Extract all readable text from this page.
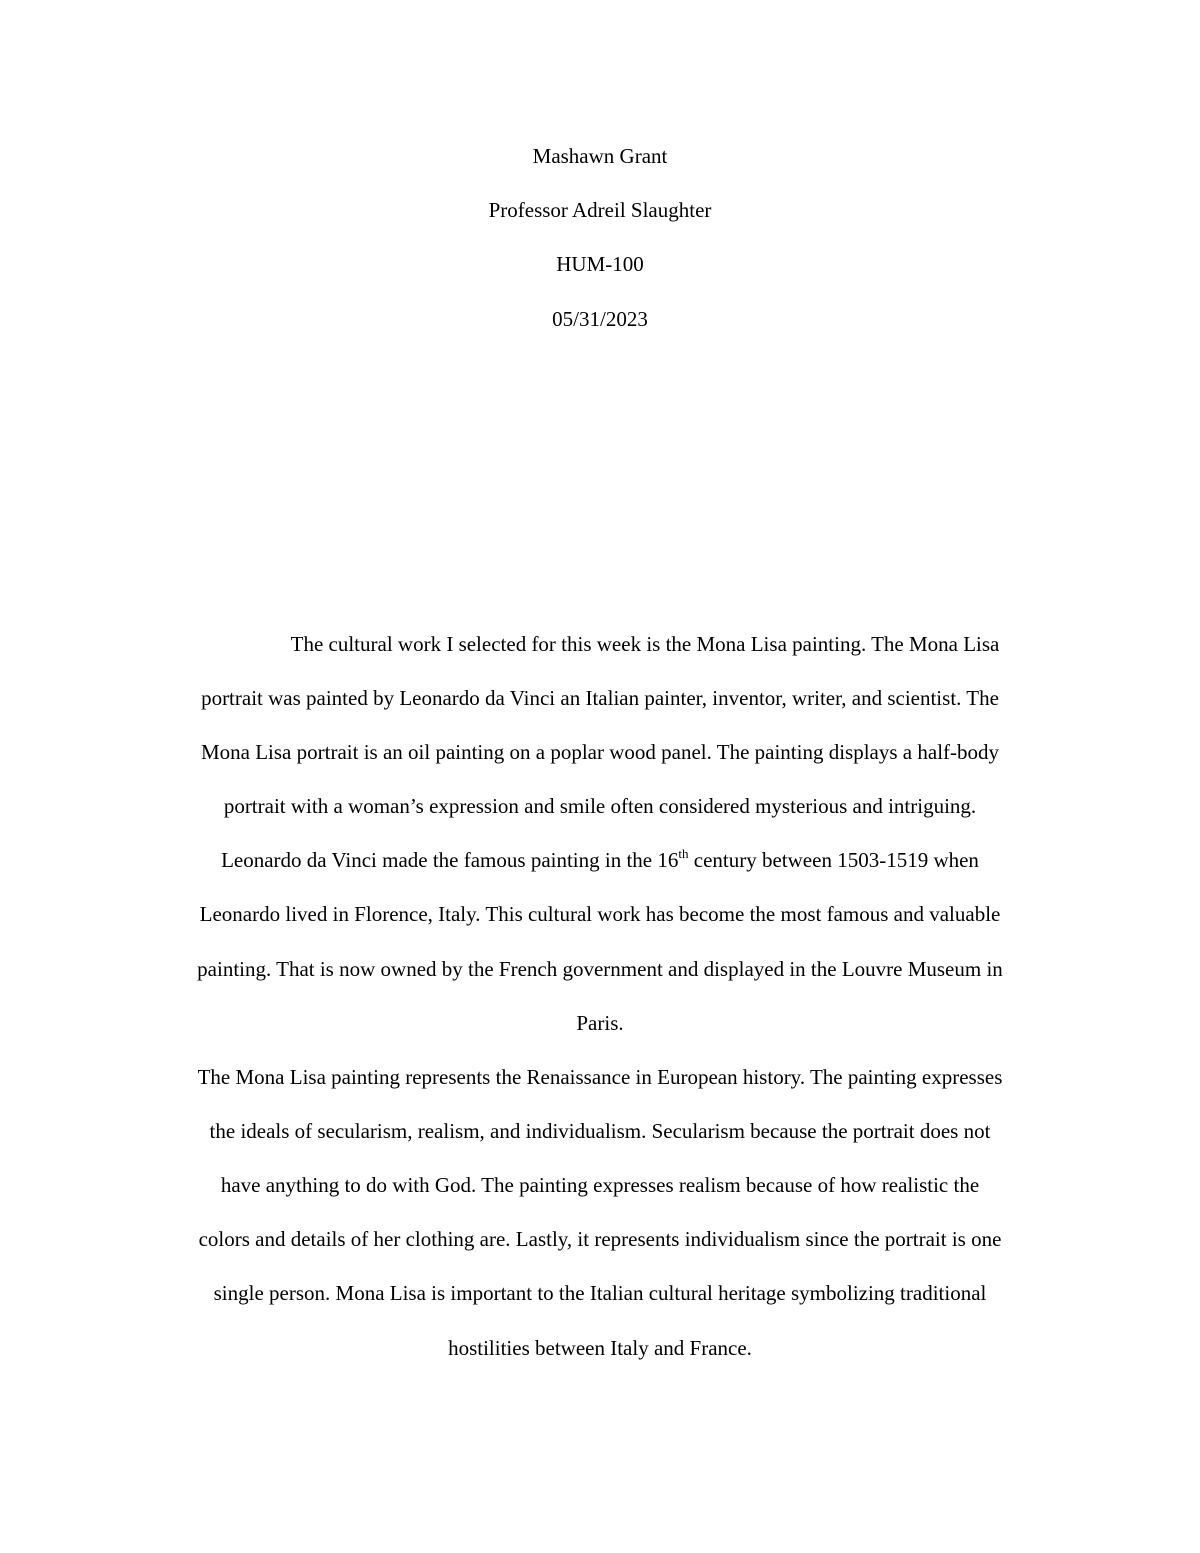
Mashawn Grant
Professor Adreil Slaughter
HUM-100
05/31/2023
The cultural work I selected for this week is the Mona Lisa painting. The Mona Lisa
portrait was painted by Leonardo da Vinci an Italian painter, inventor, writer, and scientist. The
Mona Lisa portrait is an oil painting on a poplar wood panel. The painting displays a half-body
portrait with a woman’s expression and smile often considered mysterious and intriguing.
Leonardo da Vinci made the famous painting in the 16th century between 1503-1519 when
Leonardo lived in Florence, Italy. This cultural work has become the most famous and valuable
painting. That is now owned by the French government and displayed in the Louvre Museum in
Paris.
The Mona Lisa painting represents the Renaissance in European history. The painting expresses
the ideals of secularism, realism, and individualism. Secularism because the portrait does not
have anything to do with God. The painting expresses realism because of how realistic the
colors and details of her clothing are. Lastly, it represents individualism since the portrait is one
single person. Mona Lisa is important to the Italian cultural heritage symbolizing traditional
hostilities between Italy and France.
